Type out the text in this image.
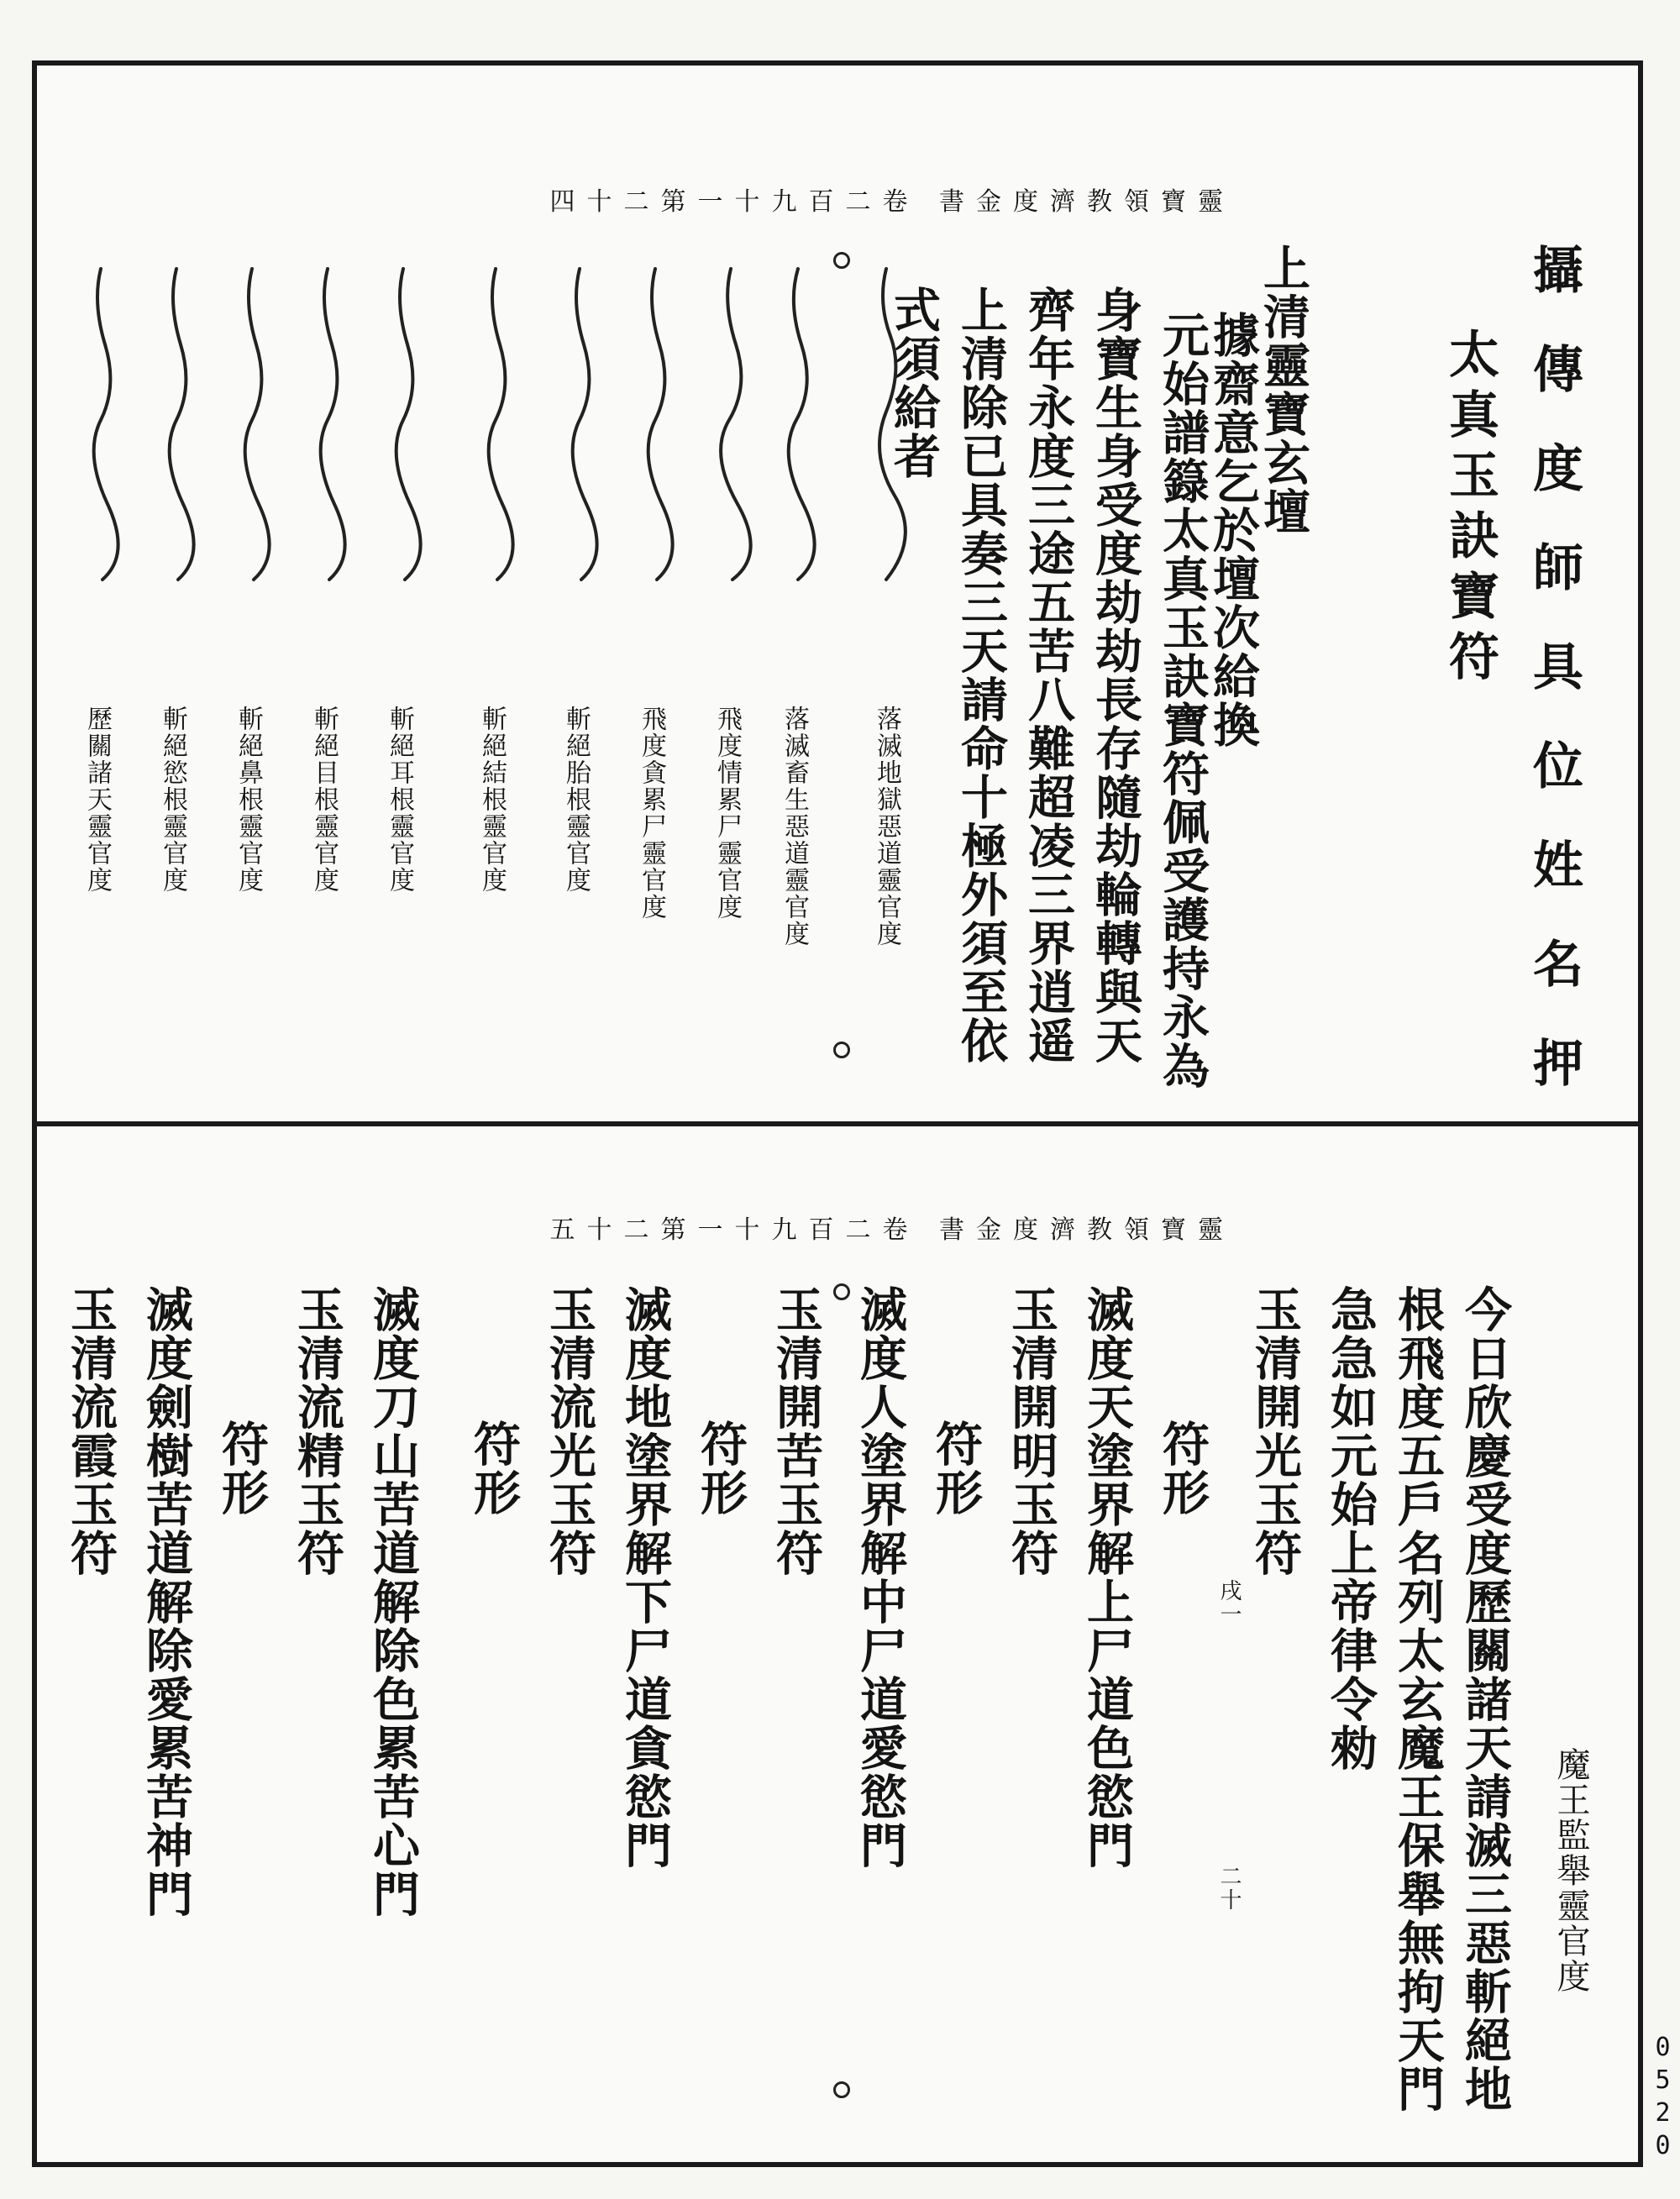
靈寶領教濟度金書 卷二百九十一第二十四
攝傳度師具位姓名押
太真玉訣寶符
上清靈寶玄壇
據齋意乞於壇次給換
元始譜籙太真玉訣寶符佩受護持永為
身寶生身受度劫劫長存隨劫輪轉與天
齊年永度三途五苦八難超凌三界逍遥
上清除已具奏三天請命十極外須至依
式須給者
落滅地獄惡道靈官度
落滅畜生惡道靈官度
飛度情累尸靈官度
飛度貪累尸靈官度
斬絕胎根靈官度
斬絕結根靈官度
斬絕耳根靈官度
斬絕目根靈官度
斬絕鼻根靈官度
斬絕慾根靈官度
歷關諸天靈官度
靈寶領教濟度金書 卷二百九十一第二十五
魔王監舉靈官度
今日欣慶受度歷關諸天請滅三惡斬絕地
根飛度五戶名列太玄魔王保舉無拘天門
急急如元始上帝律令勑
玉清開光玉符
戌一
二十
符形
滅度天塗界解上尸道色慾門
玉清開明玉符
符形
滅度人塗界解中尸道愛慾門
玉清開苦玉符
符形
滅度地塗界解下尸道貪慾門
玉清流光玉符
符形
滅度刀山苦道解除色累苦心門
玉清流精玉符
符形
滅度劍樹苦道解除愛累苦神門
玉清流霞玉符
0520
